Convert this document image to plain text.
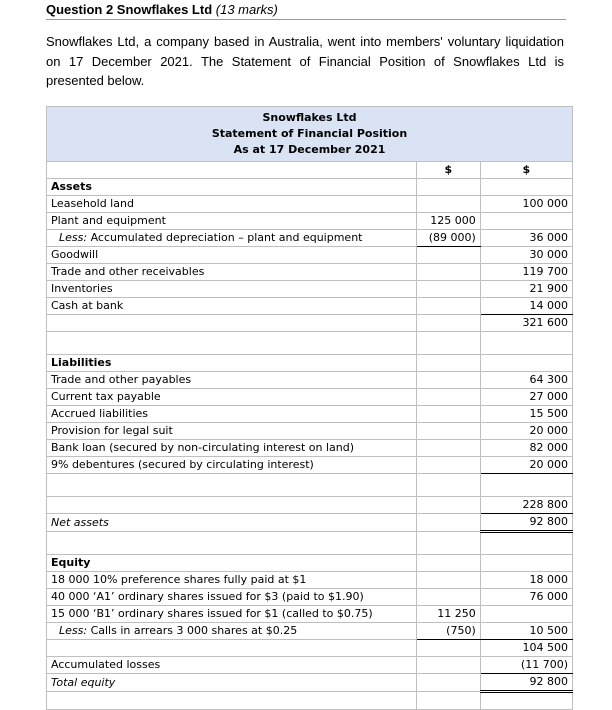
Question 2 Snowflakes Ltd (13 marks)
Snowflakes Ltd, a company based in Australia, went into members' voluntary liquidation on 17 December 2021. The Statement of Financial Position of Snowflakes Ltd is presented below.
Snowflakes Ltd
Statement of Financial Position
As at 17 December 2021		

	$	$
Assets		
Leasehold land		100 000
Plant and equipment	125 000	
Less: Accumulated depreciation – plant and equipment	(89 000)	36 000
Goodwill		30 000
Trade and other receivables		119 700
Inventories		21 900
Cash at bank		14 000
		321 600

Liabilities		
Trade and other payables		64 300
Current tax payable		27 000
Accrued liabilities		15 500
Provision for legal suit		20 000
Bank loan (secured by non-circulating interest on land)		82 000
9% debentures (secured by circulating interest)		20 000

		228 800
Net assets		92 800

Equity		
18 000 10% preference shares fully paid at $1		18 000
40 000 ‘A1’ ordinary shares issued for $3 (paid to $1.90)		76 000
15 000 ‘B1’ ordinary shares issued for $1 (called to $0.75)	11 250	
Less: Calls in arrears 3 000 shares at $0.25	(750)	10 500
		104 500
Accumulated losses		(11 700)
Total equity		92 800
